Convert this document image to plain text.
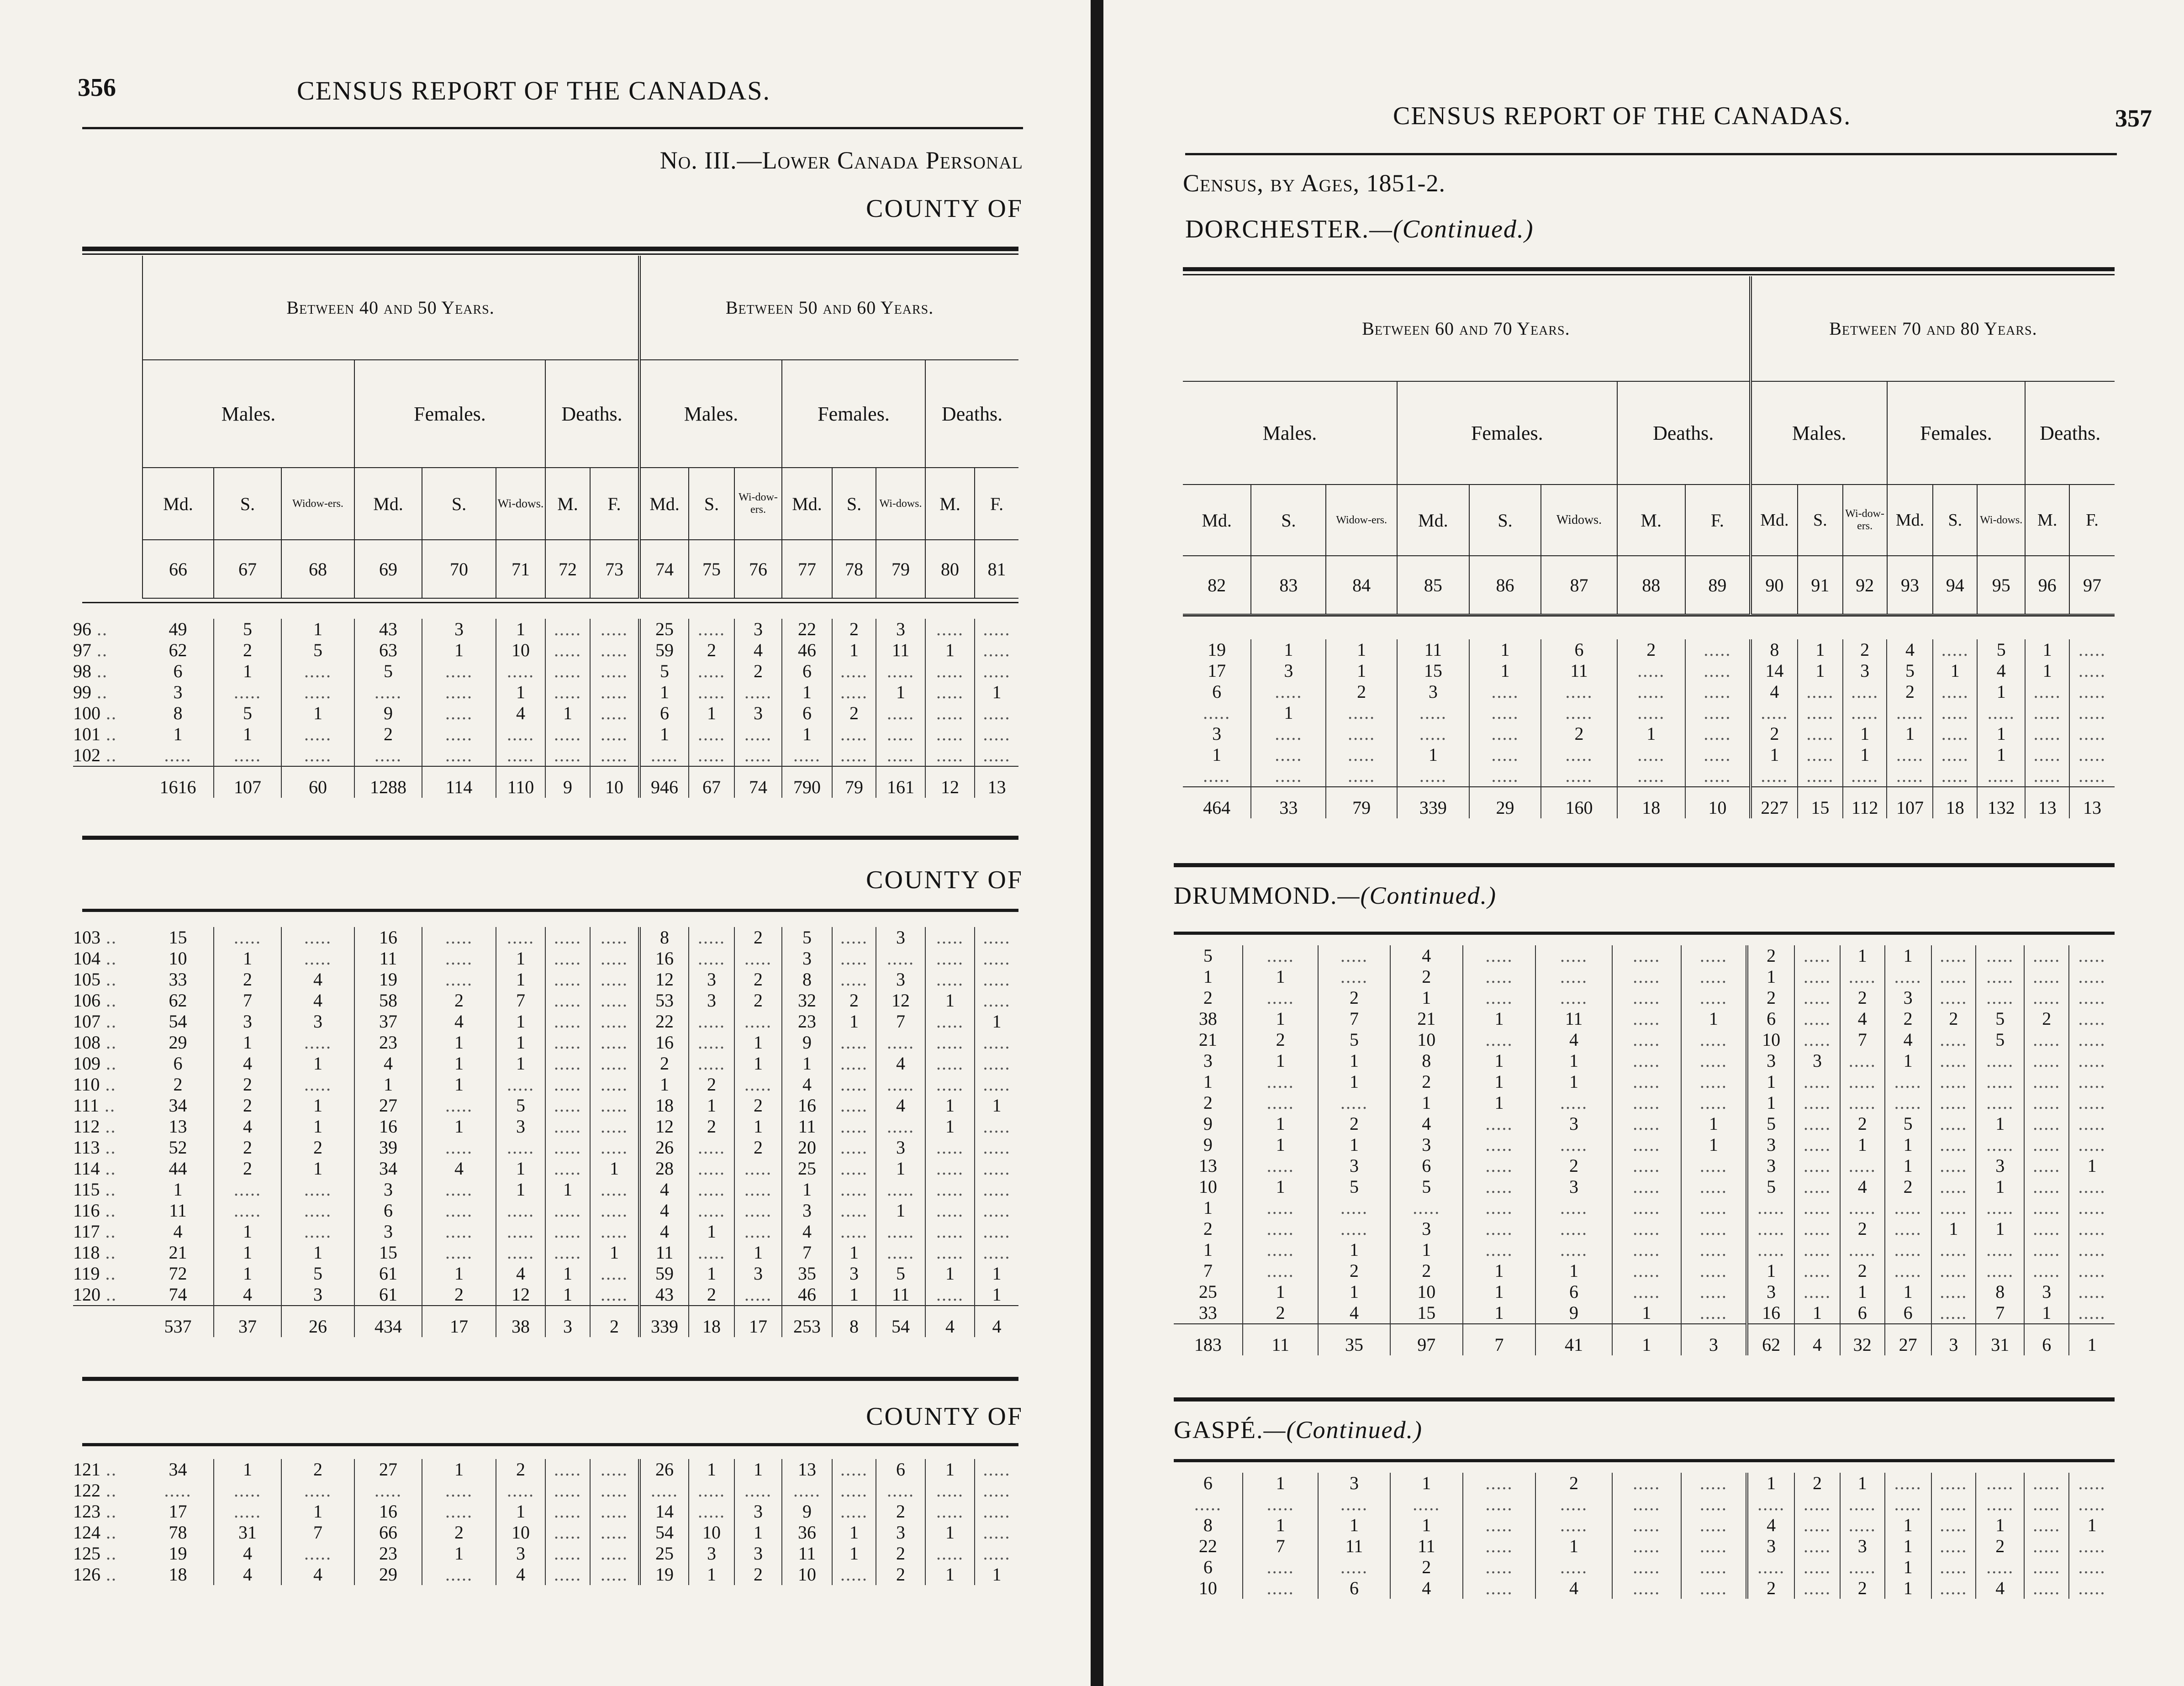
356	CENSUS REPORT OF THE CANADAS.
No. III.—Lower Canada Personal
COUNTY OF
	Between 40 and 50 Years.								Between 50 and 60 Years.							
	Males.			Females.			Deaths.		Males.			Females.			Deaths.	
	Md.	S.	Widow-ers.	Md.	S.	Wi-dows.	M.	F.	Md.	S.	Wi-dow-ers.	Md.	S.	Wi-dows.	M.	F.
	66	67	68	69	70	71	72	73	74	75	76	77	78	79	80	81
96 ..	49	5	1	43	3	1	.....	.....	25	.....	3	22	2	3	.....	.....
97 ..	62	2	5	63	1	10	.....	.....	59	2	4	46	1	11	1	.....
98 ..	6	1	.....	5	.....	.....	.....	.....	5	.....	2	6	.....	.....	.....	.....
99 ..	3	.....	.....	.....	.....	1	.....	.....	1	.....	.....	1	.....	1	.....	1
100 ..	8	5	1	9	.....	4	1	.....	6	1	3	6	2	.....	.....	.....
101 ..	1	1	.....	2	.....	.....	.....	.....	1	.....	.....	1	.....	.....	.....	.....
102 ..	.....	.....	.....	.....	.....	.....	.....	.....	.....	.....	.....	.....	.....	.....	.....	.....
	1616	107	60	1288	114	110	9	10	946	67	74	790	79	161	12	13
COUNTY OF
103 ..	15	.....	.....	16	.....	.....	.....	.....	8	.....	2	5	.....	3	.....	.....
104 ..	10	1	.....	11	.....	1	.....	.....	16	.....	.....	3	.....	.....	.....	.....
105 ..	33	2	4	19	.....	1	.....	.....	12	3	2	8	.....	3	.....	.....
106 ..	62	7	4	58	2	7	.....	.....	53	3	2	32	2	12	1	.....
107 ..	54	3	3	37	4	1	.....	.....	22	.....	.....	23	1	7	.....	1
108 ..	29	1	.....	23	1	1	.....	.....	16	.....	1	9	.....	.....	.....	.....
109 ..	6	4	1	4	1	1	.....	.....	2	.....	1	1	.....	4	.....	.....
110 ..	2	2	.....	1	1	.....	.....	.....	1	2	.....	4	.....	.....	.....	.....
111 ..	34	2	1	27	.....	5	.....	.....	18	1	2	16	.....	4	1	1
112 ..	13	4	1	16	1	3	.....	.....	12	2	1	11	.....	.....	1	.....
113 ..	52	2	2	39	.....	.....	.....	.....	26	.....	2	20	.....	3	.....	.....
114 ..	44	2	1	34	4	1	.....	1	28	.....	.....	25	.....	1	.....	.....
115 ..	1	.....	.....	3	.....	1	1	.....	4	.....	.....	1	.....	.....	.....	.....
116 ..	11	.....	.....	6	.....	.....	.....	.....	4	.....	.....	3	.....	1	.....	.....
117 ..	4	1	.....	3	.....	.....	.....	.....	4	1	.....	4	.....	.....	.....	.....
118 ..	21	1	1	15	.....	.....	.....	1	11	.....	1	7	1	.....	.....	.....
119 ..	72	1	5	61	1	4	1	.....	59	1	3	35	3	5	1	1
120 ..	74	4	3	61	2	12	1	.....	43	2	.....	46	1	11	.....	1
	537	37	26	434	17	38	3	2	339	18	17	253	8	54	4	4
COUNTY OF
121 ..	34	1	2	27	1	2	.....	.....	26	1	1	13	.....	6	1	.....
122 ..	.....	.....	.....	.....	.....	.....	.....	.....	.....	.....	.....	.....	.....	.....	.....	.....
123 ..	17	.....	1	16	.....	1	.....	.....	14	.....	3	9	.....	2	.....	.....
124 ..	78	31	7	66	2	10	.....	.....	54	10	1	36	1	3	1	.....
125 ..	19	4	.....	23	1	3	.....	.....	25	3	3	11	1	2	.....	.....
126 ..	18	4	4	29	.....	4	.....	.....	19	1	2	10	.....	2	1	1
CENSUS REPORT OF THE CANADAS.	357
Census, by Ages, 1851-2.
DORCHESTER.—(Continued.)
Between 60 and 70 Years.								Between 70 and 80 Years.							
Males.			Females.			Deaths.		Males.			Females.			Deaths.	
Md.	S.	Widow-ers.	Md.	S.	Widows.	M.	F.	Md.	S.	Wi-dow-ers.	Md.	S.	Wi-dows.	M.	F.
82	83	84	85	86	87	88	89	90	91	92	93	94	95	96	97
19	1	1	11	1	6	2	.....	8	1	2	4	.....	5	1	.....
17	3	1	15	1	11	.....	.....	14	1	3	5	1	4	1	.....
6	.....	2	3	.....	.....	.....	.....	4	.....	.....	2	.....	1	.....	.....
.....	1	.....	.....	.....	.....	.....	.....	.....	.....	.....	.....	.....	.....	.....	.....
3	.....	.....	.....	.....	2	1	.....	2	.....	1	1	.....	1	.....	.....
1	.....	.....	1	.....	.....	.....	.....	1	.....	1	.....	.....	1	.....	.....
.....	.....	.....	.....	.....	.....	.....	.....	.....	.....	.....	.....	.....	.....	.....	.....
464	33	79	339	29	160	18	10	227	15	112	107	18	132	13	13
DRUMMOND.—(Continued.)
5	.....	.....	4	.....	.....	.....	.....	2	.....	1	1	.....	.....	.....	.....
1	1	.....	2	.....	.....	.....	.....	1	.....	.....	.....	.....	.....	.....	.....
2	.....	2	1	.....	.....	.....	.....	2	.....	2	3	.....	.....	.....	.....
38	1	7	21	1	11	.....	1	6	.....	4	2	2	5	2	.....
21	2	5	10	.....	4	.....	.....	10	.....	7	4	.....	5	.....	.....
3	1	1	8	1	1	.....	.....	3	3	.....	1	.....	.....	.....	.....
1	.....	1	2	1	1	.....	.....	1	.....	.....	.....	.....	.....	.....	.....
2	.....	.....	1	1	.....	.....	.....	1	.....	.....	.....	.....	.....	.....	.....
9	1	2	4	.....	3	.....	1	5	.....	2	5	.....	1	.....	.....
9	1	1	3	.....	.....	.....	1	3	.....	1	1	.....	.....	.....	.....
13	.....	3	6	.....	2	.....	.....	3	.....	.....	1	.....	3	.....	1
10	1	5	5	.....	3	.....	.....	5	.....	4	2	.....	1	.....	.....
1	.....	.....	.....	.....	.....	.....	.....	.....	.....	.....	.....	.....	.....	.....	.....
2	.....	.....	3	.....	.....	.....	.....	.....	.....	2	.....	1	1	.....	.....
1	.....	1	1	.....	.....	.....	.....	.....	.....	.....	.....	.....	.....	.....	.....
7	.....	2	2	1	1	.....	.....	1	.....	2	.....	.....	.....	.....	.....
25	1	1	10	1	6	.....	.....	3	.....	1	1	.....	8	3	.....
33	2	4	15	1	9	1	.....	16	1	6	6	.....	7	1	.....
183	11	35	97	7	41	1	3	62	4	32	27	3	31	6	1
GASPÉ.—(Continued.)
6	1	3	1	.....	2	.....	.....	1	2	1	.....	.....	.....	.....	.....
.....	.....	.....	.....	.....	.....	.....	.....	.....	.....	.....	.....	.....	.....	.....	.....
8	1	1	1	.....	.....	.....	.....	4	.....	.....	1	.....	1	.....	1
22	7	11	11	.....	1	.....	.....	3	.....	3	1	.....	2	.....	.....
6	.....	.....	2	.....	.....	.....	.....	.....	.....	.....	1	.....	.....	.....	.....
10	.....	6	4	.....	4	.....	.....	2	.....	2	1	.....	4	.....	.....
